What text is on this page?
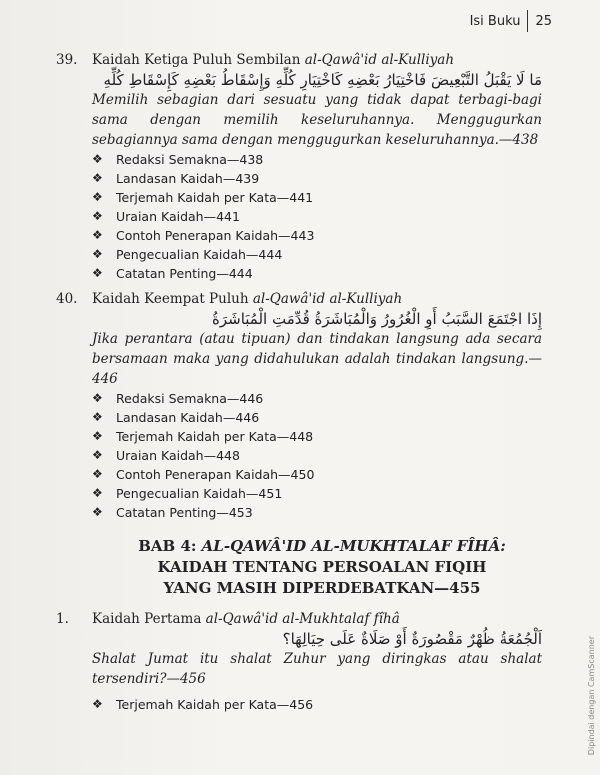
Isi Buku 25
39. Kaidah Ketiga Puluh Sembilan al-Qawâ'id al-Kulliyah
مَا لَا يَقْبَلُ التَّبْعِيضَ فَاخْتِيَارُ بَعْضِهِ كَاخْتِيَارِ كُلِّهِ وَإِسْقَاطُ بَعْضِهِ كَإِسْقَاطِ كُلِّهِ
Memilih sebagian dari sesuatu yang tidak dapat terbagi-bagi sama dengan memilih keseluruhannya. Menggugurkan sebagiannya sama dengan menggugurkan keseluruhannya.—438
❖	Redaksi Semakna—438
❖	Landasan Kaidah—439
❖	Terjemah Kaidah per Kata—441
❖	Uraian Kaidah—441
❖	Contoh Penerapan Kaidah—443
❖	Pengecualian Kaidah—444
❖	Catatan Penting—444
40. Kaidah Keempat Puluh al-Qawâ'id al-Kulliyah
إِذَا اجْتَمَعَ السَّبَبُ أَوِ الْغُرُورُ وَالْمُبَاشَرَةُ قُدِّمَتِ الْمُبَاشَرَةُ
Jika perantara (atau tipuan) dan tindakan langsung ada secara bersamaan maka yang didahulukan adalah tindakan langsung.—446
❖	Redaksi Semakna—446
❖	Landasan Kaidah—446
❖	Terjemah Kaidah per Kata—448
❖	Uraian Kaidah—448
❖	Contoh Penerapan Kaidah—450
❖	Pengecualian Kaidah—451
❖	Catatan Penting—453
BAB 4: AL-QAWÂ'ID AL-MUKHTALAF FÎHÂ:
KAIDAH TENTANG PERSOALAN FIQIH
YANG MASIH DIPERDEBATKAN—455
1. Kaidah Pertama al-Qawâ'id al-Mukhtalaf fîhâ
اَلْجُمُعَةُ ظُهْرٌ مَقْصُورَةٌ أَوْ صَلَاةٌ عَلَى حِيَالِهَا؟
Shalat Jumat itu shalat Zuhur yang diringkas atau shalat tersendiri?—456
❖	Terjemah Kaidah per Kata—456	Dipindai dengan CamScanner
